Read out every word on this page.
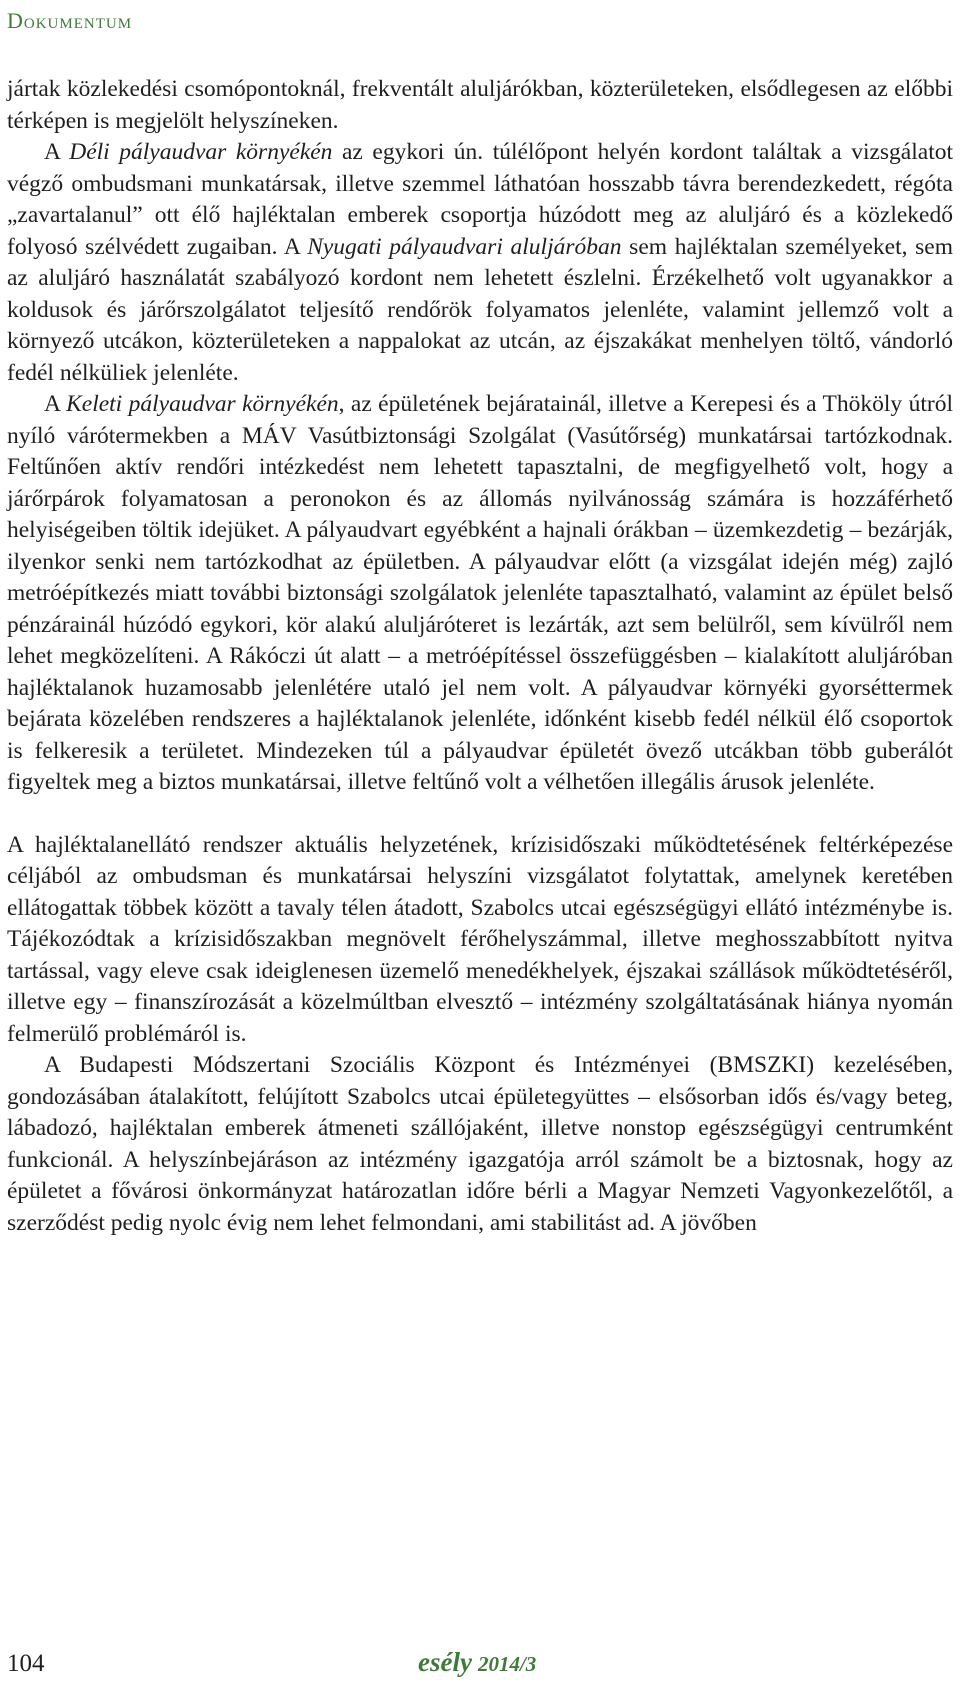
Dokumentum

jártak közlekedési csomópontoknál, frekventált aluljárókban, közterületeken, elsődlegesen az előbbi térképen is megjelölt helyszíneken.

A Déli pályaudvar környékén az egykori ún. túlélőpont helyén kordont találtak a vizsgálatot végző ombudsmani munkatársak, illetve szemmel láthatóan hosszabb távra berendezkedett, régóta „zavartalanul” ott élő hajléktalan emberek csoportja húzódott meg az aluljáró és a közlekedő folyosó szélvédett zugaiban. A Nyugati pályaudvari aluljáróban sem hajléktalan személyeket, sem az aluljáró használatát szabályozó kordont nem lehetett észlelni. Érzékelhető volt ugyanakkor a koldusok és járőrszolgálatot teljesítő rendőrök folyamatos jelenléte, valamint jellemző volt a környező utcákon, közterületeken a nappalokat az utcán, az éjszakákat menhelyen töltő, vándorló fedél nélküliek jelenléte.

A Keleti pályaudvar környékén, az épületének bejáratainál, illetve a Kerepesi és a Thököly útról nyíló várótermekben a MÁV Vasútbiztonsági Szolgálat (Vasútőrség) munkatársai tartózkodnak. Feltűnően aktív rendőri intézkedést nem lehetett tapasztalni, de megfigyelhető volt, hogy a járőrpárok folyamatosan a peronokon és az állomás nyilvánosság számára is hozzáférhető helyiségeiben töltik idejüket. A pályaudvart egyébként a hajnali órákban – üzemkezdetig – bezárják, ilyenkor senki nem tartózkodhat az épületben. A pályaudvar előtt (a vizsgálat idején még) zajló metróépítkezés miatt további biztonsági szolgálatok jelenléte tapasztalható, valamint az épület belső pénzárainál húzódó egykori, kör alakú aluljáróteret is lezárták, azt sem belülről, sem kívülről nem lehet megközelíteni. A Rákóczi út alatt – a metróépítéssel összefüggésben – kialakított aluljáróban hajléktalanok huzamosabb jelenlétére utaló jel nem volt. A pályaudvar környéki gyorséttermek bejárata közelében rendszeres a hajléktalanok jelenléte, időnként kisebb fedél nélkül élő csoportok is felkeresik a területet. Mindezeken túl a pályaudvar épületét övező utcákban több guberálót figyeltek meg a biztos munkatársai, illetve feltűnő volt a vélhetően illegális árusok jelenléte.

A hajléktalanellátó rendszer aktuális helyzetének, krízisidőszaki működtetésének feltérképezése céljából az ombudsman és munkatársai helyszíni vizsgálatot folytattak, amelynek keretében ellátogattak többek között a tavaly télen átadott, Szabolcs utcai egészségügyi ellátó intézménybe is. Tájékozódtak a krízisidőszakban megnövelt férőhelyszámmal, illetve meghosszabbított nyitva tartással, vagy eleve csak ideiglenesen üzemelő menedékhelyek, éjszakai szállások működtetéséről, illetve egy – finanszírozását a közelmúltban elvesztő – intézmény szolgáltatásának hiánya nyomán felmerülő problémáról is.

A Budapesti Módszertani Szociális Központ és Intézményei (BMSZKI) kezelésében, gondozásában átalakított, felújított Szabolcs utcai épületegyüttes – elsősorban idős és/vagy beteg, lábadozó, hajléktalan emberek átmeneti szállójaként, illetve nonstop egészségügyi centrumként funkcionál. A helyszínbejáráson az intézmény igazgatója arról számolt be a biztosnak, hogy az épületet a fővárosi önkormányzat határozatlan időre bérli a Magyar Nemzeti Vagyonkezelőtől, a szerződést pedig nyolc évig nem lehet felmondani, ami stabilitást ad. A jövőben

104	esély 2014/3
